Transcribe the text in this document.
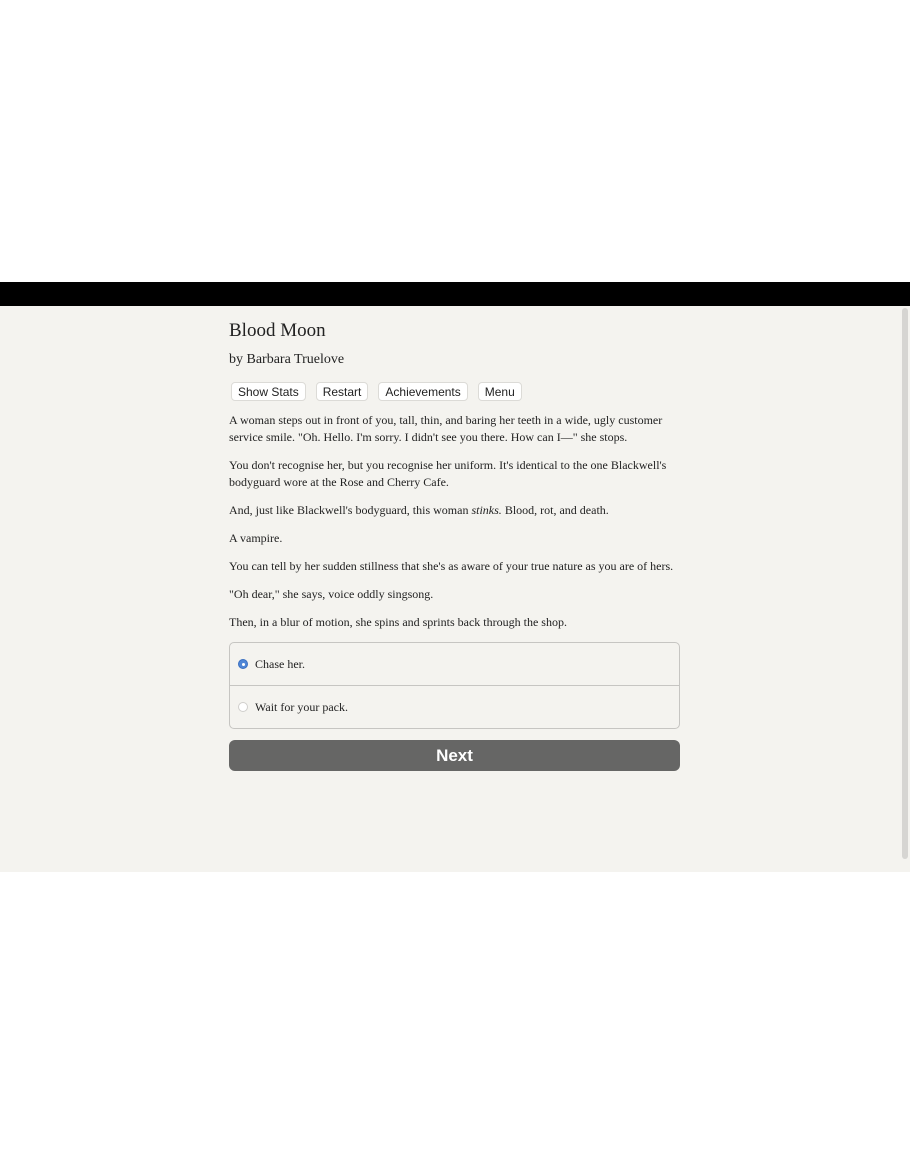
Blood Moon
by Barbara Truelove
Show Stats	Restart	Achievements	Menu

A woman steps out in front of you, tall, thin, and baring her teeth in a wide, ugly customer service smile. "Oh. Hello. I'm sorry. I didn't see you there. How can I—" she stops.

You don't recognise her, but you recognise her uniform. It's identical to the one Blackwell's bodyguard wore at the Rose and Cherry Cafe.

And, just like Blackwell's bodyguard, this woman stinks. Blood, rot, and death.

A vampire.

You can tell by her sudden stillness that she's as aware of your true nature as you are of hers.

"Oh dear," she says, voice oddly singsong.

Then, in a blur of motion, she spins and sprints back through the shop.

Chase her.
Wait for your pack.
Next
